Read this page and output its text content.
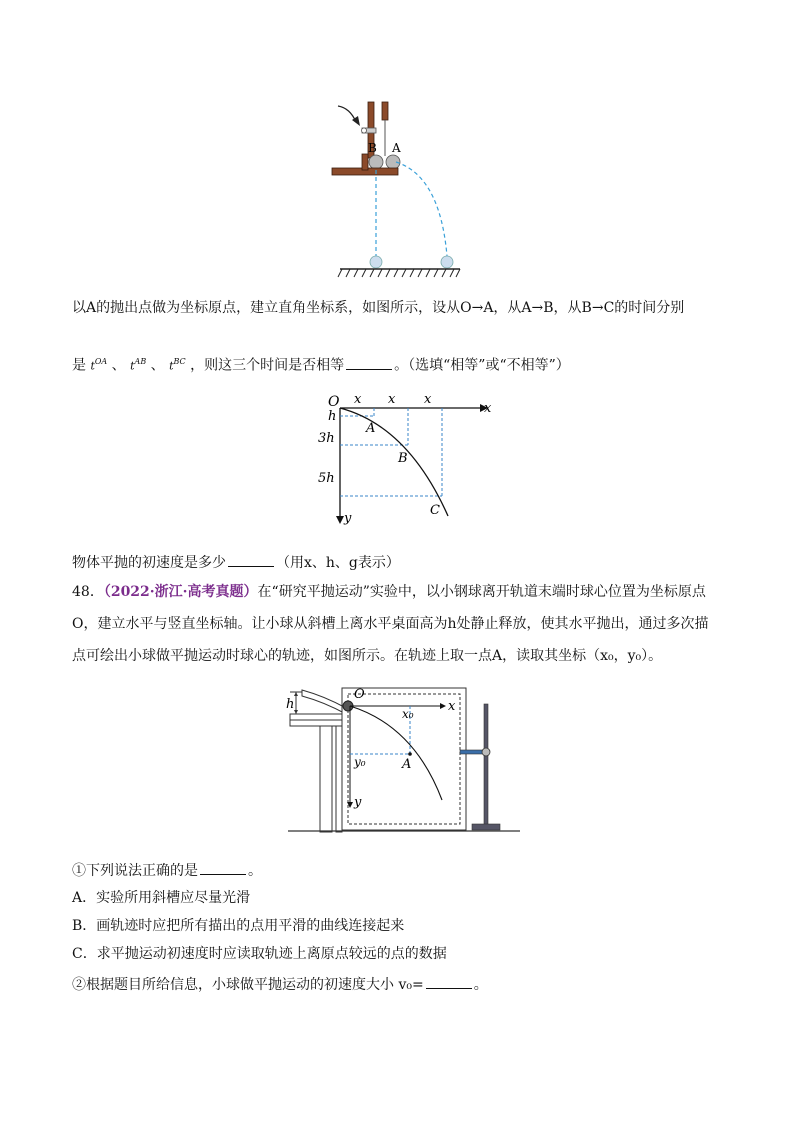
B A
以A的抛出点做为坐标原点，建立直角坐标系，如图所示，设从O→A，从A→B，从B→C的时间分别
是 $t^{OA}$ 、 $t^{AB}$ 、 $t^{BC}$ ，则这三个时间是否相等	。（选填“相等”或“不相等”）
O x x x
x
h
3h
5h
y
A
B
C
物体平抛的初速度是多少	（用x、h、g表示）
48．（2022·浙江·高考真题）在“研究平抛运动”实验中，以小钢球离开轨道末端时球心位置为坐标原点
O，建立水平与竖直坐标轴。让小球从斜槽上离水平桌面高为h处静止释放，使其水平抛出，通过多次描
点可绘出小球做平抛运动时球心的轨迹，如图所示。在轨迹上取一点A，读取其坐标（x₀，y₀）。
h
O
x₀	x
y₀	A
y
①下列说法正确的是	。
A．实验所用斜槽应尽量光滑
B．画轨迹时应把所有描出的点用平滑的曲线连接起来
C．求平抛运动初速度时应读取轨迹上离原点较远的点的数据
②根据题目所给信息，小球做平抛运动的初速度大小 v₀=	。
